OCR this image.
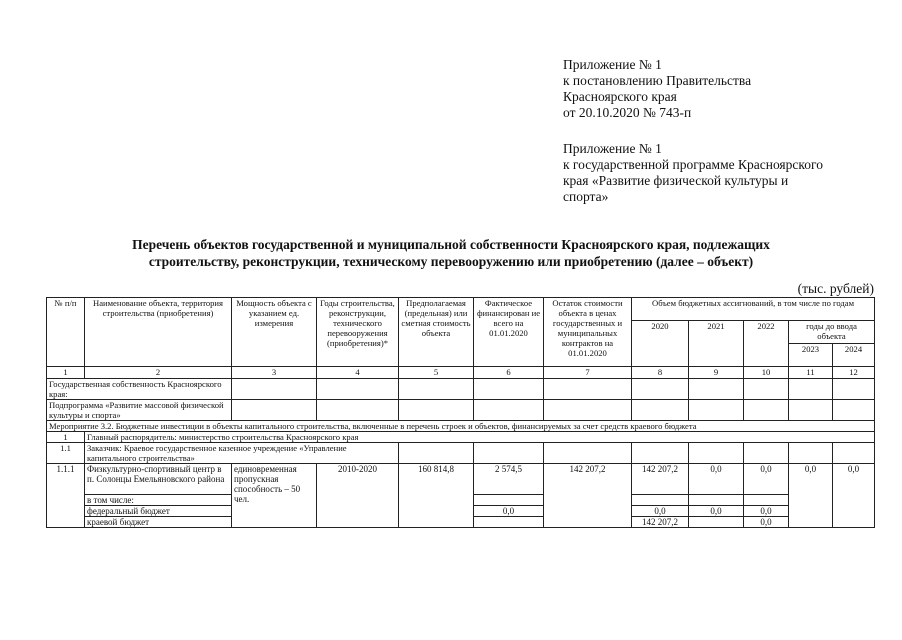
Приложение № 1
к постановлению Правительства
Красноярского края
от 20.10.2020 № 743-п
Приложение № 1
к государственной программе Красноярского
края «Развитие физической культуры и
спорта»
Перечень объектов государственной и муниципальной собственности Красноярского края, подлежащих
строительству, реконструкции, техническому перевооружению или приобретению (далее – объект)
(тыс. рублей)
№ п/п	Наименование объекта, территория строительства (приобретения)	Мощность объекта с указанием ед. измерения	Годы строительства, реконструкции, технического перевооружения (приобретения)*	Предполагаемая (предельная) или сметная стоимость объекта	Фактическое финансирован ие всего на 01.01.2020	Остаток стоимости объекта в ценах государственных и муниципальных контрактов на 01.01.2020	Объем бюджетных ассигнований, в том числе по годам				
							2020	2021	2022	годы до ввода объекта	
										2023	2024
1	2	3	4	5	6	7	8	9	10	11	12
Государственная собственность Красноярского края:											
Подпрограмма «Развитие массовой физической культуры и спорта»											
Мероприятие 3.2. Бюджетные инвестиции в объекты капитального строительства, включенные в перечень строек и объектов, финансируемых за счет средств краевого бюджета											
1	Главный распорядитель: министерство строительства Красноярского края										
1.1	Заказчик: Краевое государственное казенное учреждение «Управление капитального строительства»										
1.1.1	Физкультурно-спортивный центр в п. Солонцы Емельяновского района	единовременная пропускная способность – 50 чел.	2010-2020	160 814,8	2 574,5	142 207,2	142 207,2	0,0	0,0	0,0	0,0
	в том числе:										
	федеральный бюджет				0,0		0,0	0,0	0,0		
	краевой бюджет						142 207,2		0,0		
